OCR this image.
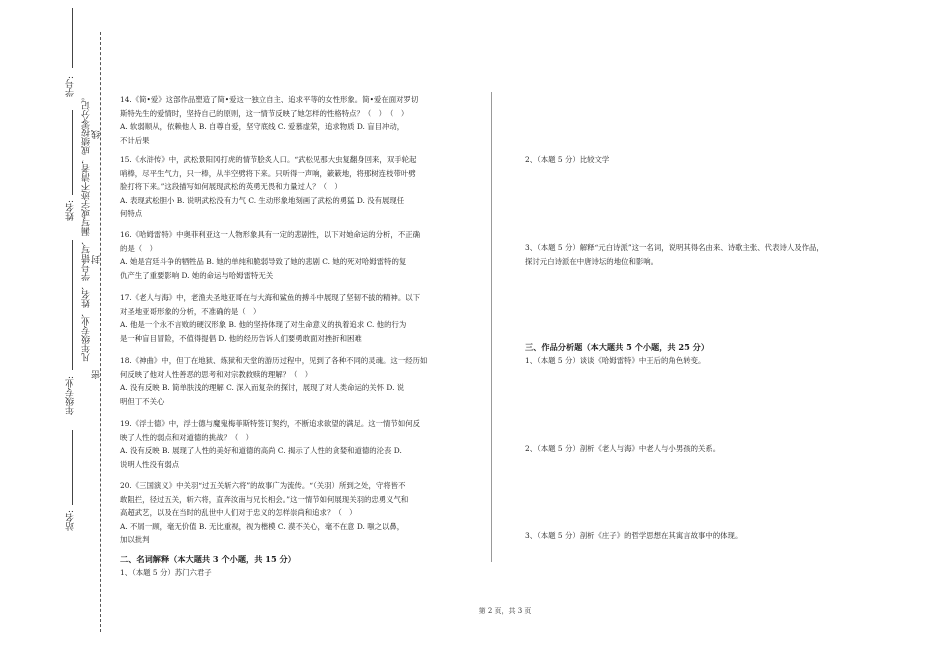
学号:
姓名:
年级专业:
站名:
凡年级专业、姓名、学号错写、漏写或字迹不清者，成绩按零分记。 线
封
密

14.《简•爱》这部作品塑造了简•爱这一独立自主、追求平等的女性形象。简•爱在面对罗切

斯特先生的爱情时，坚持自己的原则，这一情节反映了她怎样的性格特点？（　）　（　）

A. 软弱顺从，依赖他人 B. 自尊自爱，坚守底线 C. 爱慕虚荣，追求物质 D. 盲目冲动，

不计后果

15.《水浒传》中，武松景阳冈打虎的情节脍炙人口。“武松见那大虫复翻身回来，双手轮起

哨棒，尽平生气力，只一棒，从半空劈将下来。只听得一声响，簌簌地，将那树连枝带叶劈

脸打将下来。”这段描写如何展现武松的英勇无畏和力量过人？（　）

A. 表现武松胆小 B. 说明武松没有力气 C. 生动形象地刻画了武松的勇猛 D. 没有展现任

何特点

16.《哈姆雷特》中奥菲利亚这一人物形象具有一定的悲剧性，以下对她命运的分析，不正确

的是（　）

A. 她是宫廷斗争的牺牲品 B. 她的单纯和脆弱导致了她的悲剧 C. 她的死对哈姆雷特的复

仇产生了重要影响 D. 她的命运与哈姆雷特无关

17.《老人与海》中，老渔夫圣地亚哥在与大海和鲨鱼的搏斗中展现了坚韧不拔的精神。以下

对圣地亚哥形象的分析，不准确的是（　）

A. 他是一个永不言败的硬汉形象 B. 他的坚持体现了对生命意义的执着追求 C. 他的行为

是一种盲目冒险，不值得提倡 D. 他的经历告诉人们要勇敢面对挫折和困难

18.《神曲》中，但丁在地狱、炼狱和天堂的游历过程中，见到了各种不同的灵魂。这一经历如

何反映了他对人性善恶的思考和对宗教救赎的理解？（　）

A. 没有反映 B. 简单肤浅的理解 C. 深入而复杂的探讨，展现了对人类命运的关怀 D. 说

明但丁不关心

19.《浮士德》中，浮士德与魔鬼梅菲斯特签订契约，不断追求欲望的满足。这一情节如何反

映了人性的弱点和对道德的挑战？（　）

A. 没有反映 B. 展现了人性的美好和道德的高尚 C. 揭示了人性的贪婪和道德的沦丧 D.

说明人性没有弱点

20.《三国演义》中关羽“过五关斩六将”的故事广为流传。“（关羽）所到之处，守将皆不

敢阻拦，径过五关，斩六将，直奔汝南与兄长相会。”这一情节如何展现关羽的忠勇义气和

高超武艺，以及在当时的乱世中人们对于忠义的怎样崇尚和追求？（　）

A. 不屑一顾，毫无价值 B. 无比重视，视为楷模 C. 漠不关心，毫不在意 D. 嗤之以鼻，

加以批判

二、名词解释（本大题共 3 个小题，共 15 分）
1、（本题 5 分）苏门六君子
2、（本题 5 分）比较文学

3、（本题 5 分）解释“元白诗派”这一名词，说明其得名由来、诗歌主张、代表诗人及作品，

探讨元白诗派在中唐诗坛的地位和影响。

三、作品分析题（本大题共 5 个小题，共 25 分）
1、（本题 5 分）谈谈《哈姆雷特》中王后的角色转变。
2、（本题 5 分）剖析《老人与海》中老人与小男孩的关系。
3、（本题 5 分）剖析《庄子》的哲学思想在其寓言故事中的体现。
第 2 页，共 3 页
